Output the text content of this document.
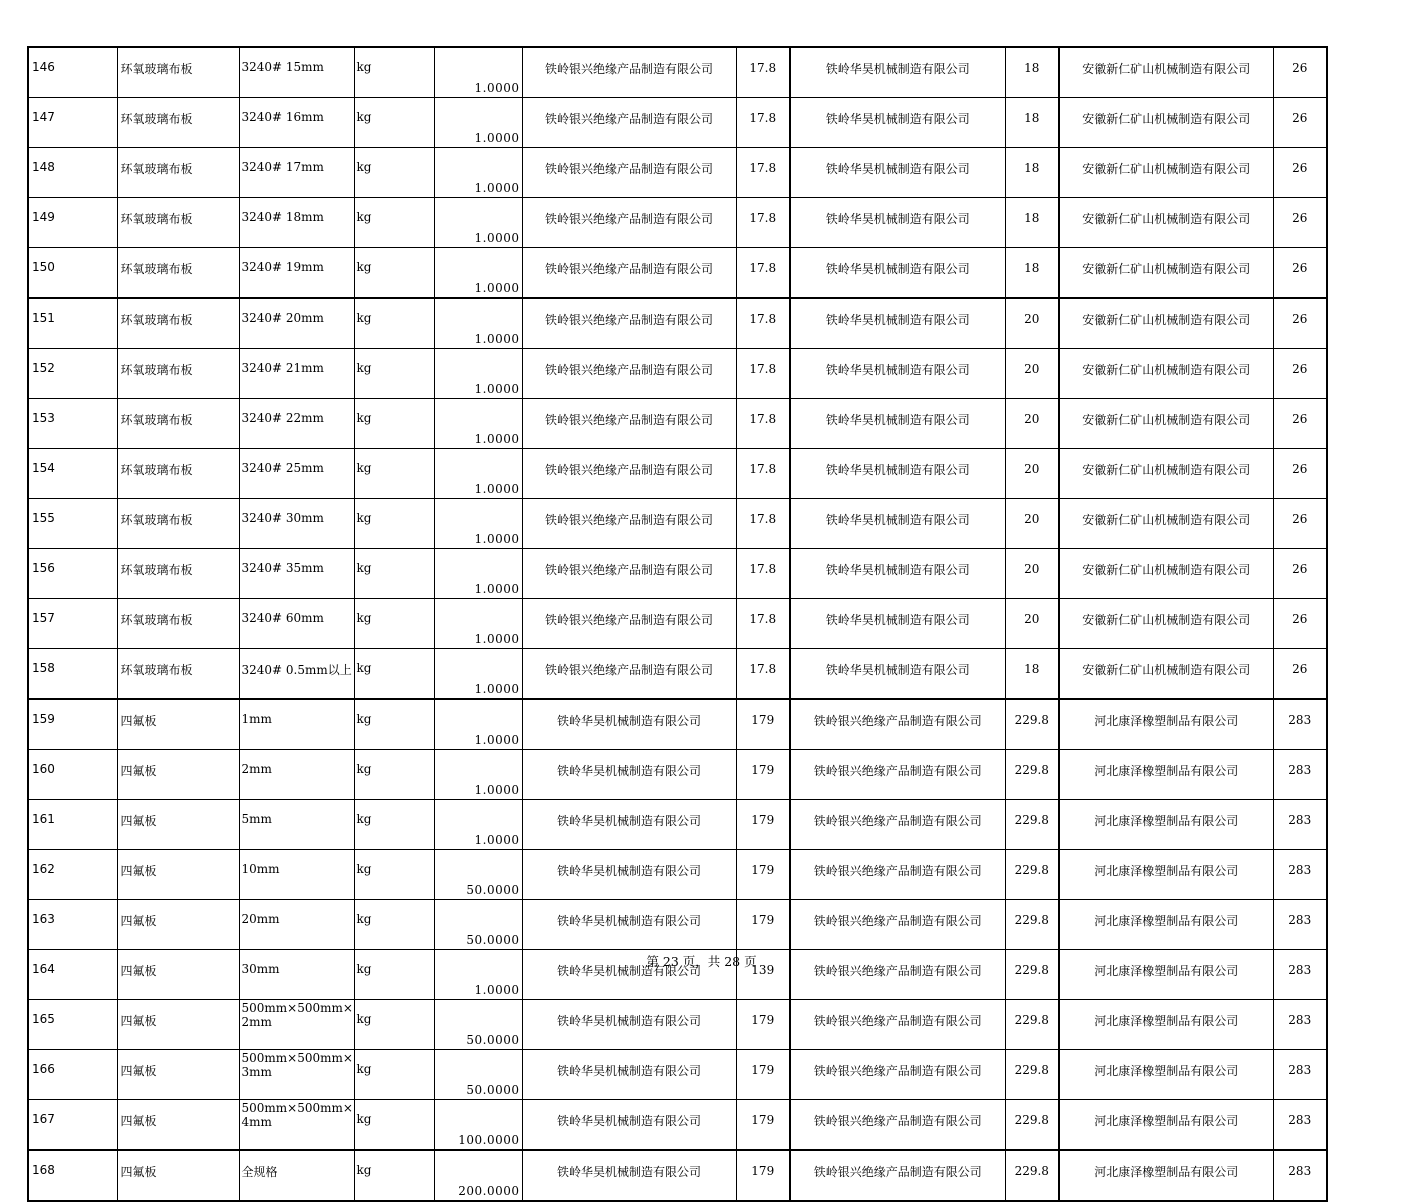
146	环氧玻璃布板	3240# 15mm	kg	1.0000	铁岭银兴绝缘产品制造有限公司	17.8	铁岭华昊机械制造有限公司	18	安徽新仁矿山机械制造有限公司	26
147	环氧玻璃布板	3240# 16mm	kg	1.0000	铁岭银兴绝缘产品制造有限公司	17.8	铁岭华昊机械制造有限公司	18	安徽新仁矿山机械制造有限公司	26
148	环氧玻璃布板	3240# 17mm	kg	1.0000	铁岭银兴绝缘产品制造有限公司	17.8	铁岭华昊机械制造有限公司	18	安徽新仁矿山机械制造有限公司	26
149	环氧玻璃布板	3240# 18mm	kg	1.0000	铁岭银兴绝缘产品制造有限公司	17.8	铁岭华昊机械制造有限公司	18	安徽新仁矿山机械制造有限公司	26
150	环氧玻璃布板	3240# 19mm	kg	1.0000	铁岭银兴绝缘产品制造有限公司	17.8	铁岭华昊机械制造有限公司	18	安徽新仁矿山机械制造有限公司	26
151	环氧玻璃布板	3240# 20mm	kg	1.0000	铁岭银兴绝缘产品制造有限公司	17.8	铁岭华昊机械制造有限公司	20	安徽新仁矿山机械制造有限公司	26
152	环氧玻璃布板	3240# 21mm	kg	1.0000	铁岭银兴绝缘产品制造有限公司	17.8	铁岭华昊机械制造有限公司	20	安徽新仁矿山机械制造有限公司	26
153	环氧玻璃布板	3240# 22mm	kg	1.0000	铁岭银兴绝缘产品制造有限公司	17.8	铁岭华昊机械制造有限公司	20	安徽新仁矿山机械制造有限公司	26
154	环氧玻璃布板	3240# 25mm	kg	1.0000	铁岭银兴绝缘产品制造有限公司	17.8	铁岭华昊机械制造有限公司	20	安徽新仁矿山机械制造有限公司	26
155	环氧玻璃布板	3240# 30mm	kg	1.0000	铁岭银兴绝缘产品制造有限公司	17.8	铁岭华昊机械制造有限公司	20	安徽新仁矿山机械制造有限公司	26
156	环氧玻璃布板	3240# 35mm	kg	1.0000	铁岭银兴绝缘产品制造有限公司	17.8	铁岭华昊机械制造有限公司	20	安徽新仁矿山机械制造有限公司	26
157	环氧玻璃布板	3240# 60mm	kg	1.0000	铁岭银兴绝缘产品制造有限公司	17.8	铁岭华昊机械制造有限公司	20	安徽新仁矿山机械制造有限公司	26
158	环氧玻璃布板	3240# 0.5mm以上	kg	1.0000	铁岭银兴绝缘产品制造有限公司	17.8	铁岭华昊机械制造有限公司	18	安徽新仁矿山机械制造有限公司	26
159	四氟板	1mm	kg	1.0000	铁岭华昊机械制造有限公司	179	铁岭银兴绝缘产品制造有限公司	229.8	河北康泽橡塑制品有限公司	283
160	四氟板	2mm	kg	1.0000	铁岭华昊机械制造有限公司	179	铁岭银兴绝缘产品制造有限公司	229.8	河北康泽橡塑制品有限公司	283
161	四氟板	5mm	kg	1.0000	铁岭华昊机械制造有限公司	179	铁岭银兴绝缘产品制造有限公司	229.8	河北康泽橡塑制品有限公司	283
162	四氟板	10mm	kg	50.0000	铁岭华昊机械制造有限公司	179	铁岭银兴绝缘产品制造有限公司	229.8	河北康泽橡塑制品有限公司	283
163	四氟板	20mm	kg	50.0000	铁岭华昊机械制造有限公司	179	铁岭银兴绝缘产品制造有限公司	229.8	河北康泽橡塑制品有限公司	283
164	四氟板	30mm	kg	1.0000	铁岭华昊机械制造有限公司	139	铁岭银兴绝缘产品制造有限公司	229.8	河北康泽橡塑制品有限公司	283
165	四氟板	500mm×500mm×2mm	kg	50.0000	铁岭华昊机械制造有限公司	179	铁岭银兴绝缘产品制造有限公司	229.8	河北康泽橡塑制品有限公司	283
166	四氟板	500mm×500mm×3mm	kg	50.0000	铁岭华昊机械制造有限公司	179	铁岭银兴绝缘产品制造有限公司	229.8	河北康泽橡塑制品有限公司	283
167	四氟板	500mm×500mm×4mm	kg	100.0000	铁岭华昊机械制造有限公司	179	铁岭银兴绝缘产品制造有限公司	229.8	河北康泽橡塑制品有限公司	283
168	四氟板	全规格	kg	200.0000	铁岭华昊机械制造有限公司	179	铁岭银兴绝缘产品制造有限公司	229.8	河北康泽橡塑制品有限公司	283
第 23 页，共 28 页
